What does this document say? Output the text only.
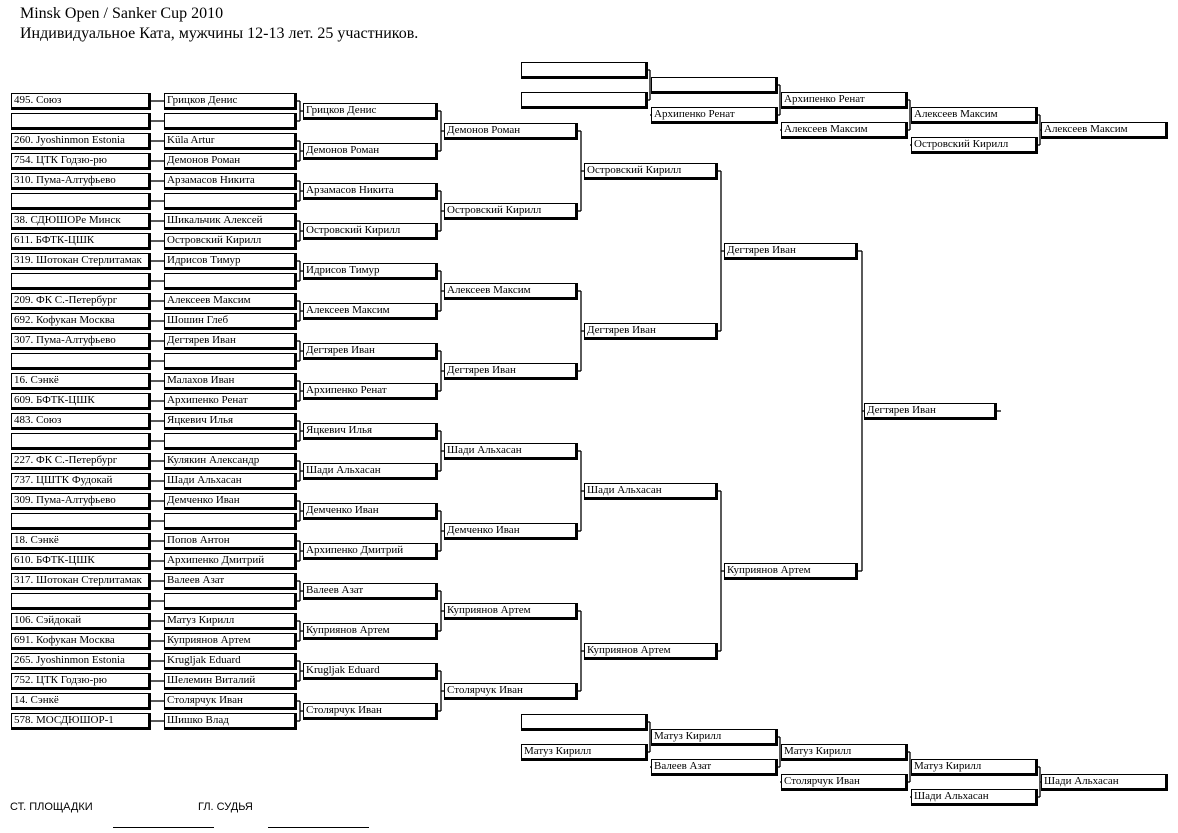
Minsk Open / Sanker Cup 2010
Индивидуальное Ката, мужчины 12-13 лет. 25 участников.
495. Союз	Грицков Денис
260. Jyoshinmon Estonia	Küla Artur
754. ЦТК Годзю-рю	Демонов Роман
310. Пума-Алтуфьево	Арзамасов Никита
38. СДЮШОРe Минск	Шикальчик Алексей
611. БФТК-ЦШК	Островский Кирилл
319. Шотокан Стерлитамак	Идрисов Тимур
209. ФК С.-Петербург	Алексеев Максим
692. Кофукан Москва	Шошин Глеб
307. Пума-Алтуфьево	Дегтярев Иван
16. Сэнкё	Малахов Иван
609. БФТК-ЦШК	Архипенко Ренат
483. Союз	Яцкевич Илья
227. ФК С.-Петербург	Кулякин Александр
737. ЦШТК Фудокай	Шади Альхасан
309. Пума-Алтуфьево	Демченко Иван
18. Сэнкё	Попов Антон
610. БФТК-ЦШК	Архипенко Дмитрий
317. Шотокан Стерлитамак	Валеев Азат
106. Сэйдокай	Матуз Кирилл
691. Кофукан Москва	Куприянов Артем
265. Jyoshinmon Estonia	Krugljak Eduard
752. ЦТК Годзю-рю	Шелемин Виталий
14. Сэнкё	Столярчук Иван
578. МОСДЮШОР-1	Шишко Влад
Грицков Денис
Демонов Роман
Арзамасов Никита
Островский Кирилл
Идрисов Тимур
Алексеев Максим
Дегтярев Иван
Архипенко Ренат
Яцкевич Илья
Шади Альхасан
Демченко Иван
Архипенко Дмитрий
Валеев Азат
Куприянов Артем
Krugljak Eduard
Столярчук Иван
Демонов Роман
Островский Кирилл
Алексеев Максим
Дегтярев Иван
Шади Альхасан
Демченко Иван
Куприянов Артем
Столярчук Иван
Островский Кирилл
Дегтярев Иван
Шади Альхасан
Куприянов Артем
Дегтярев Иван
Куприянов Артем
Дегтярев Иван
Архипенко Ренат
Архипенко Ренат
Алексеев Максим
Алексеев Максим
Островский Кирилл
Алексеев Максим
Матуз Кирилл
Матуз Кирилл
Валеев Азат
Матуз Кирилл
Столярчук Иван
Матуз Кирилл
Шади Альхасан
Шади Альхасан
СТ. ПЛОЩАДКИ	ГЛ. СУДЬЯ
